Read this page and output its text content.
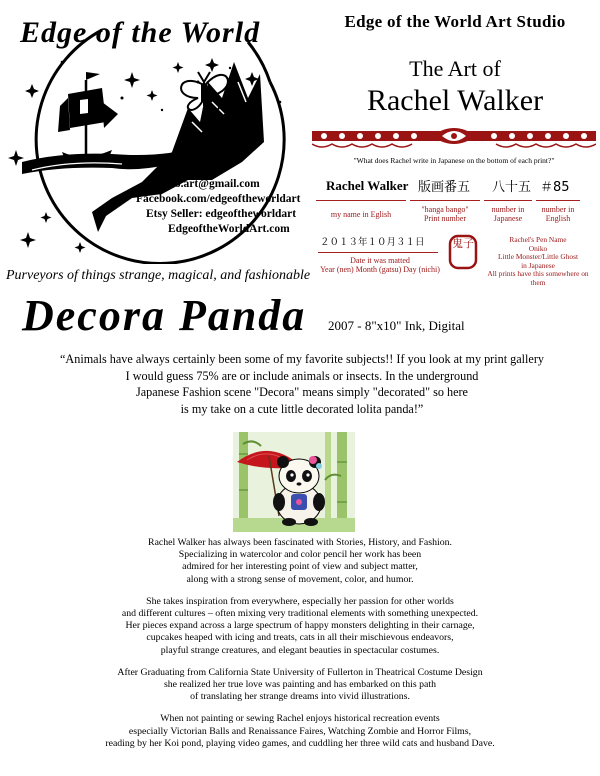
Edge of the World
Oniko.art@gmail.com
Facebook.com/edgeoftheworldart
Etsy Seller: edgeoftheworldart
EdgeoftheWorldArt.com
Purveyors of things strange, magical, and fashionable
Edge of the World Art Studio
The Art of
Rachel Walker
"What does Rachel write in Japanese on the bottom of each print?"
Rachel Walker 版画番五 八十五 ＃85
my name in Eglish
"hanga bango"
Print number
number in
Japanese
number in
English
２０１３年１０月３１日
Date it was matted
Year (nen) Month (gatsu) Day (nichi)
鬼子	Rachel's Pen Name
Oniko
Little Monster/Little Ghost
in Japanese
All prints have this somewhere on them
Decora Panda 2007 - 8"x10" Ink, Digital
“Animals have always certainly been some of my favorite subjects!! If you look at my print gallery
I would guess 75% are or include animals or insects. In the underground
Japanese Fashion scene "Decora" means simply "decorated" so here
is my take on a cute little decorated lolita panda!”

Rachel Walker has always been fascinated with Stories, History, and Fashion.
Specializing in watercolor and color pencil her work has been
admired for her interesting point of view and subject matter,
along with a strong sense of movement, color, and humor.

She takes inspiration from everywhere, especially her passion for other worlds
and different cultures – often mixing very traditional elements with something unexpected.
Her pieces expand across a large spectrum of happy monsters delighting in their carnage,
cupcakes heaped with icing and treats, cats in all their mischievous endeavors,
playful strange creatures, and elegant beauties in spectacular costumes.

After Graduating from California State University of Fullerton in Theatrical Costume Design
she realized her true love was painting and has embarked on this path
of translating her strange dreams into vivid illustrations.

When not painting or sewing Rachel enjoys historical recreation events
especially Victorian Balls and Renaissance Faires, Watching Zombie and Horror Films,
reading by her Koi pond, playing video games, and cuddling her three wild cats and husband Dave.
